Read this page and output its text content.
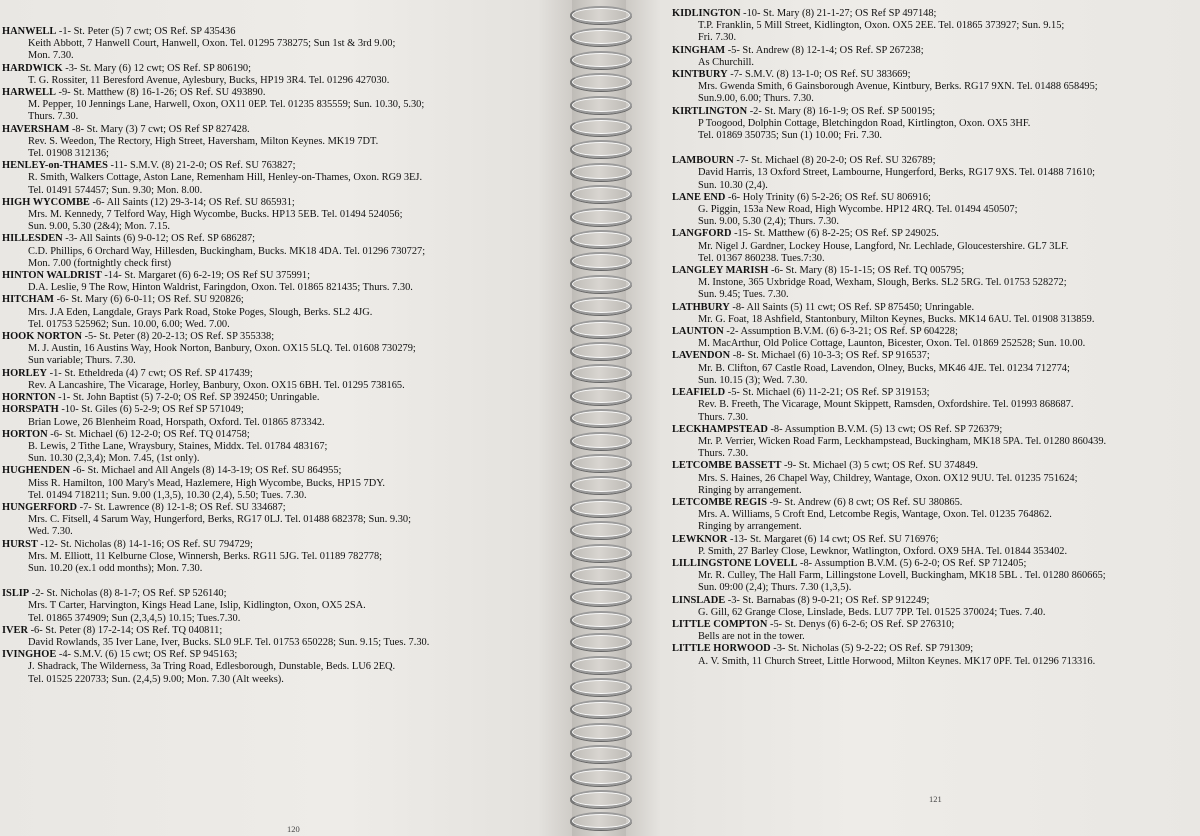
HANWELL -1- St. Peter (5) 7 cwt; OS Ref. SP 435436
Keith Abbott, 7 Hanwell Court, Hanwell, Oxon. Tel. 01295 738275; Sun 1st & 3rd 9.00;
Mon. 7.30.
HARDWICK -3- St. Mary (6) 12 cwt; OS Ref. SP 806190;
T. G. Rossiter, 11 Beresford Avenue, Aylesbury, Bucks, HP19 3R4. Tel. 01296 427030.
HARWELL -9- St. Matthew (8) 16-1-26; OS Ref. SU 493890.
M. Pepper, 10 Jennings Lane, Harwell, Oxon, OX11 0EP. Tel. 01235 835559; Sun. 10.30, 5.30;
Thurs. 7.30.
HAVERSHAM -8- St. Mary (3) 7 cwt; OS Ref SP 827428.
Rev. S. Weedon, The Rectory, High Street, Haversham, Milton Keynes. MK19 7DT.
Tel. 01908 312136;
HENLEY-on-THAMES -11- S.M.V. (8) 21-2-0; OS Ref. SU 763827;
R. Smith, Walkers Cottage, Aston Lane, Remenham Hill, Henley-on-Thames, Oxon. RG9 3EJ.
Tel. 01491 574457; Sun. 9.30; Mon. 8.00.
HIGH WYCOMBE -6- All Saints (12) 29-3-14; OS Ref. SU 865931;
Mrs. M. Kennedy, 7 Telford Way, High Wycombe, Bucks. HP13 5EB. Tel. 01494 524056;
Sun. 9.00, 5.30 (2&4); Mon. 7.15.
HILLESDEN -3- All Saints (6) 9-0-12; OS Ref. SP 686287;
C.D. Phillips, 6 Orchard Way, Hillesden, Buckingham, Bucks. MK18 4DA. Tel. 01296 730727;
Mon. 7.00 (fortnightly check first)
HINTON WALDRIST -14- St. Margaret (6) 6-2-19; OS Ref SU 375991;
D.A. Leslie, 9 The Row, Hinton Waldrist, Faringdon, Oxon. Tel. 01865 821435; Thurs. 7.30.
HITCHAM -6- St. Mary (6) 6-0-11; OS Ref. SU 920826;
Mrs. J.A Eden, Langdale, Grays Park Road, Stoke Poges, Slough, Berks. SL2 4JG.
Tel. 01753 525962; Sun. 10.00, 6.00; Wed. 7.00.
HOOK NORTON -5- St. Peter (8) 20-2-13; OS Ref. SP 355338;
M. J. Austin, 16 Austins Way, Hook Norton, Banbury, Oxon. OX15 5LQ. Tel. 01608 730279;
Sun variable; Thurs. 7.30.
HORLEY -1- St. Etheldreda (4) 7 cwt; OS Ref. SP 417439;
Rev. A Lancashire, The Vicarage, Horley, Banbury, Oxon. OX15 6BH. Tel. 01295 738165.
HORNTON -1- St. John Baptist (5) 7-2-0; OS Ref. SP 392450; Unringable.
HORSPATH -10- St. Giles (6) 5-2-9; OS Ref SP 571049;
Brian Lowe, 26 Blenheim Road, Horspath, Oxford. Tel. 01865 873342.
HORTON -6- St. Michael (6) 12-2-0; OS Ref. TQ 014758;
B. Lewis, 2 Tithe Lane, Wraysbury, Staines, Middx. Tel. 01784 483167;
Sun. 10.30 (2,3,4); Mon. 7.45, (1st only).
HUGHENDEN -6- St. Michael and All Angels (8) 14-3-19; OS Ref. SU 864955;
Miss R. Hamilton, 100 Mary's Mead, Hazlemere, High Wycombe, Bucks, HP15 7DY.
Tel. 01494 718211; Sun. 9.00 (1,3,5), 10.30 (2,4), 5.50; Tues. 7.30.
HUNGERFORD -7- St. Lawrence (8) 12-1-8; OS Ref. SU 334687;
Mrs. C. Fitsell, 4 Sarum Way, Hungerford, Berks, RG17 0LJ. Tel. 01488 682378; Sun. 9.30;
Wed. 7.30.
HURST -12- St. Nicholas (8) 14-1-16; OS Ref. SU 794729;
Mrs. M. Elliott, 11 Kelburne Close, Winnersh, Berks. RG11 5JG. Tel. 01189 782778;
Sun. 10.20 (ex.1 odd months); Mon. 7.30.
ISLIP -2- St. Nicholas (8) 8-1-7; OS Ref. SP 526140;
Mrs. T Carter, Harvington, Kings Head Lane, Islip, Kidlington, Oxon, OX5 2SA.
Tel. 01865 374909; Sun (2,3,4,5) 10.15; Tues.7.30.
IVER -6- St. Peter (8) 17-2-14; OS Ref. TQ 040811;
David Rowlands, 35 Iver Lane, Iver, Bucks. SL0 9LF. Tel. 01753 650228; Sun. 9.15; Tues. 7.30.
IVINGHOE -4- S.M.V. (6) 15 cwt; OS Ref. SP 945163;
J. Shadrack, The Wilderness, 3a Tring Road, Edlesborough, Dunstable, Beds. LU6 2EQ.
Tel. 01525 220733; Sun. (2,4,5) 9.00; Mon. 7.30 (Alt weeks).
120
KIDLINGTON -10- St. Mary (8) 21-1-27; OS Ref SP 497148;
T.P. Franklin, 5 Mill Street, Kidlington, Oxon. OX5 2EE. Tel. 01865 373927; Sun. 9.15;
Fri. 7.30.
KINGHAM -5- St. Andrew (8) 12-1-4; OS Ref. SP 267238;
As Churchill.
KINTBURY -7- S.M.V. (8) 13-1-0; OS Ref. SU 383669;
Mrs. Gwenda Smith, 6 Gainsborough Avenue, Kintbury, Berks. RG17 9XN. Tel. 01488 658495;
Sun.9.00, 6.00; Thurs. 7.30.
KIRTLINGTON -2- St. Mary (8) 16-1-9; OS Ref. SP 500195;
P Toogood, Dolphin Cottage, Bletchingdon Road, Kirtlington, Oxon. OX5 3HF.
Tel. 01869 350735; Sun (1) 10.00; Fri. 7.30.
LAMBOURN -7- St. Michael (8) 20-2-0; OS Ref. SU 326789;
David Harris, 13 Oxford Street, Lambourne, Hungerford, Berks, RG17 9XS. Tel. 01488 71610;
Sun. 10.30 (2,4).
LANE END -6- Holy Trinity (6) 5-2-26; OS Ref. SU 806916;
G. Piggin, 153a New Road, High Wycombe. HP12 4RQ. Tel. 01494 450507;
Sun. 9.00, 5.30 (2,4); Thurs. 7.30.
LANGFORD -15- St. Matthew (6) 8-2-25; OS Ref. SP 249025.
Mr. Nigel J. Gardner, Lockey House, Langford, Nr. Lechlade, Gloucestershire. GL7 3LF.
Tel. 01367 860238. Tues.7:30.
LANGLEY MARISH -6- St. Mary (8) 15-1-15; OS Ref. TQ 005795;
M. Instone, 365 Uxbridge Road, Wexham, Slough, Berks. SL2 5RG. Tel. 01753 528272;
Sun. 9.45; Tues. 7.30.
LATHBURY -8- All Saints (5) 11 cwt; OS Ref. SP 875450; Unringable.
Mr. G. Foat, 18 Ashfield, Stantonbury, Milton Keynes, Bucks. MK14 6AU. Tel. 01908 313859.
LAUNTON -2- Assumption B.V.M. (6) 6-3-21; OS Ref. SP 604228;
M. MacArthur, Old Police Cottage, Launton, Bicester, Oxon. Tel. 01869 252528; Sun. 10.00.
LAVENDON -8- St. Michael (6) 10-3-3; OS Ref. SP 916537;
Mr. B. Clifton, 67 Castle Road, Lavendon, Olney, Bucks, MK46 4JE. Tel. 01234 712774;
Sun. 10.15 (3); Wed. 7.30.
LEAFIELD -5- St. Michael (6) 11-2-21; OS Ref. SP 319153;
Rev. B. Freeth, The Vicarage, Mount Skippett, Ramsden, Oxfordshire. Tel. 01993 868687.
Thurs. 7.30.
LECKHAMPSTEAD -8- Assumption B.V.M. (5) 13 cwt; OS Ref. SP 726379;
Mr. P. Verrier, Wicken Road Farm, Leckhampstead, Buckingham, MK18 5PA. Tel. 01280 860439.
Thurs. 7.30.
LETCOMBE BASSETT -9- St. Michael (3) 5 cwt; OS Ref. SU 374849.
Mrs. S. Haines, 26 Chapel Way, Childrey, Wantage, Oxon. OX12 9UU. Tel. 01235 751624;
Ringing by arrangement.
LETCOMBE REGIS -9- St. Andrew (6) 8 cwt; OS Ref. SU 380865.
Mrs. A. Williams, 5 Croft End, Letcombe Regis, Wantage, Oxon. Tel. 01235 764862.
Ringing by arrangement.
LEWKNOR -13- St. Margaret (6) 14 cwt; OS Ref. SU 716976;
P. Smith, 27 Barley Close, Lewknor, Watlington, Oxford. OX9 5HA. Tel. 01844 353402.
LILLINGSTONE LOVELL -8- Assumption B.V.M. (5) 6-2-0; OS Ref. SP 712405;
Mr. R. Culley, The Hall Farm, Lillingstone Lovell, Buckingham, MK18 5BL . Tel. 01280 860665;
Sun. 09:00 (2,4); Thurs. 7.30 (1,3,5).
LINSLADE -3- St. Barnabas (8) 9-0-21; OS Ref. SP 912249;
G. Gill, 62 Grange Close, Linslade, Beds. LU7 7PP. Tel. 01525 370024; Tues. 7.40.
LITTLE COMPTON -5- St. Denys (6) 6-2-6; OS Ref. SP 276310;
Bells are not in the tower.
LITTLE HORWOOD -3- St. Nicholas (5) 9-2-22; OS Ref. SP 791309;
A. V. Smith, 11 Church Street, Little Horwood, Milton Keynes. MK17 0PF. Tel. 01296 713316.
121
